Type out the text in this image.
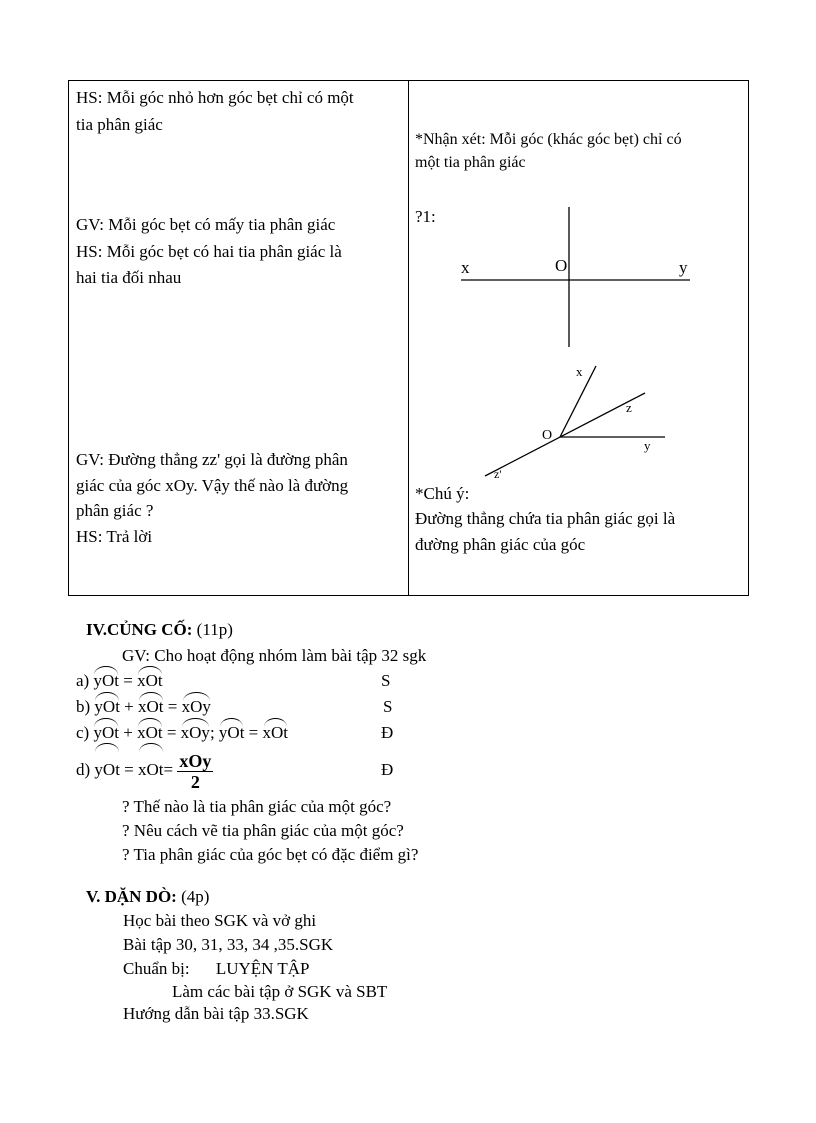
HS: Mỗi góc nhỏ hơn góc bẹt chỉ có một
tia phân giác
GV: Mỗi góc bẹt có mấy tia phân giác
HS: Mỗi góc bẹt có hai tia phân giác là
hai tia đối nhau
GV: Đường thẳng zz' gọi là đường phân
giác của góc xOy. Vậy thế nào là đường
phân giác ?
HS: Trả lời
*Nhận xét: Mỗi góc (khác góc bẹt) chỉ có
một tia phân giác
?1:
x	O	y
x
z
O
y
z'
*Chú ý:
Đường thẳng chứa tia phân giác gọi là
đường phân giác của góc
IV.CỦNG CỐ: (11p)
GV: Cho hoạt động nhóm làm bài tập 32 sgk
a) yOt = xOt	S
b) yOt + xOt = xOy	S
c) yOt + xOt = xOy; yOt = xOt	Đ
d) yOt = $xOt= \frac{\text{xOy}}{2}$	Đ
? Thế nào là tia phân giác của một góc?
? Nêu cách vẽ tia phân giác của một góc?
? Tia phân giác của góc bẹt có đặc điểm gì?
V. DẶN DÒ: (4p)
Học bài theo SGK và vở ghi
Bài tập 30, 31, 33, 34 ,35.SGK
Chuẩn bị: LUYỆN TẬP
Làm các bài tập ở SGK và SBT
Hướng dẫn bài tập 33.SGK
